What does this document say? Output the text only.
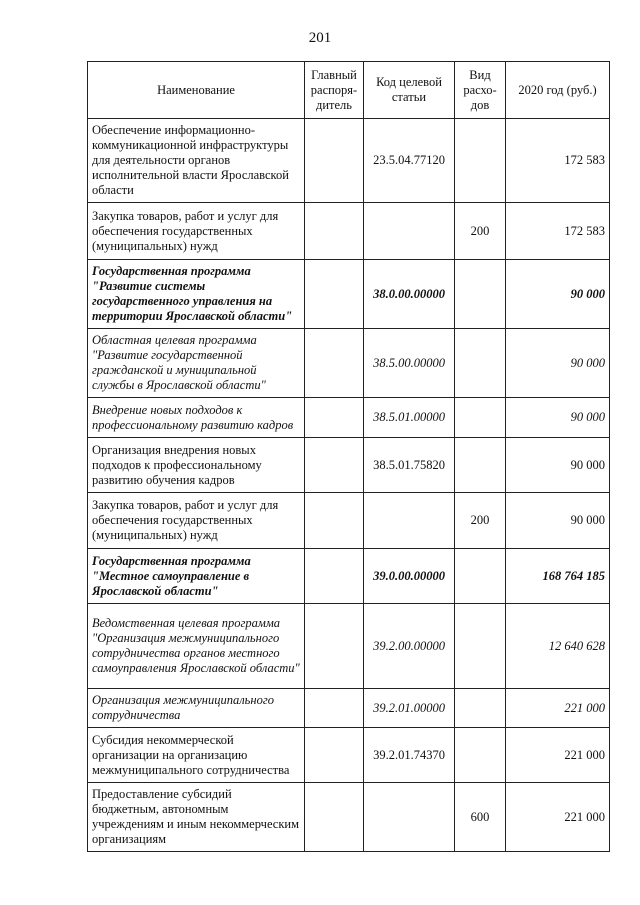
201
Наименование	Главный распоря-дитель	Код целевой статьи	Вид расхо-дов	2020 год (руб.)
Обеспечение информационно-коммуникационной инфраструктуры для деятельности органов исполнительной власти Ярославской области		23.5.04.77120		172 583
Закупка товаров, работ и услуг для обеспечения государственных (муниципальных) нужд			200	172 583
Государственная программа "Развитие системы государственного управления на территории Ярославской области"		38.0.00.00000		90 000
Областная целевая программа "Развитие государственной гражданской и муниципальной службы в Ярославской области"		38.5.00.00000		90 000
Внедрение новых подходов к профессиональному развитию кадров		38.5.01.00000		90 000
Организация внедрения новых подходов к профессиональному развитию обучения кадров		38.5.01.75820		90 000
Закупка товаров, работ и услуг для обеспечения государственных (муниципальных) нужд			200	90 000
Государственная программа "Местное самоуправление в Ярославской области"		39.0.00.00000		168 764 185
Ведомственная целевая программа "Организация межмуниципального сотрудничества органов местного самоуправления Ярославской области"		39.2.00.00000		12 640 628
Организация межмуниципального сотрудничества		39.2.01.00000		221 000
Субсидия некоммерческой организации на организацию межмуниципального сотрудничества		39.2.01.74370		221 000
Предоставление субсидий бюджетным, автономным учреждениям и иным некоммерческим организациям			600	221 000
